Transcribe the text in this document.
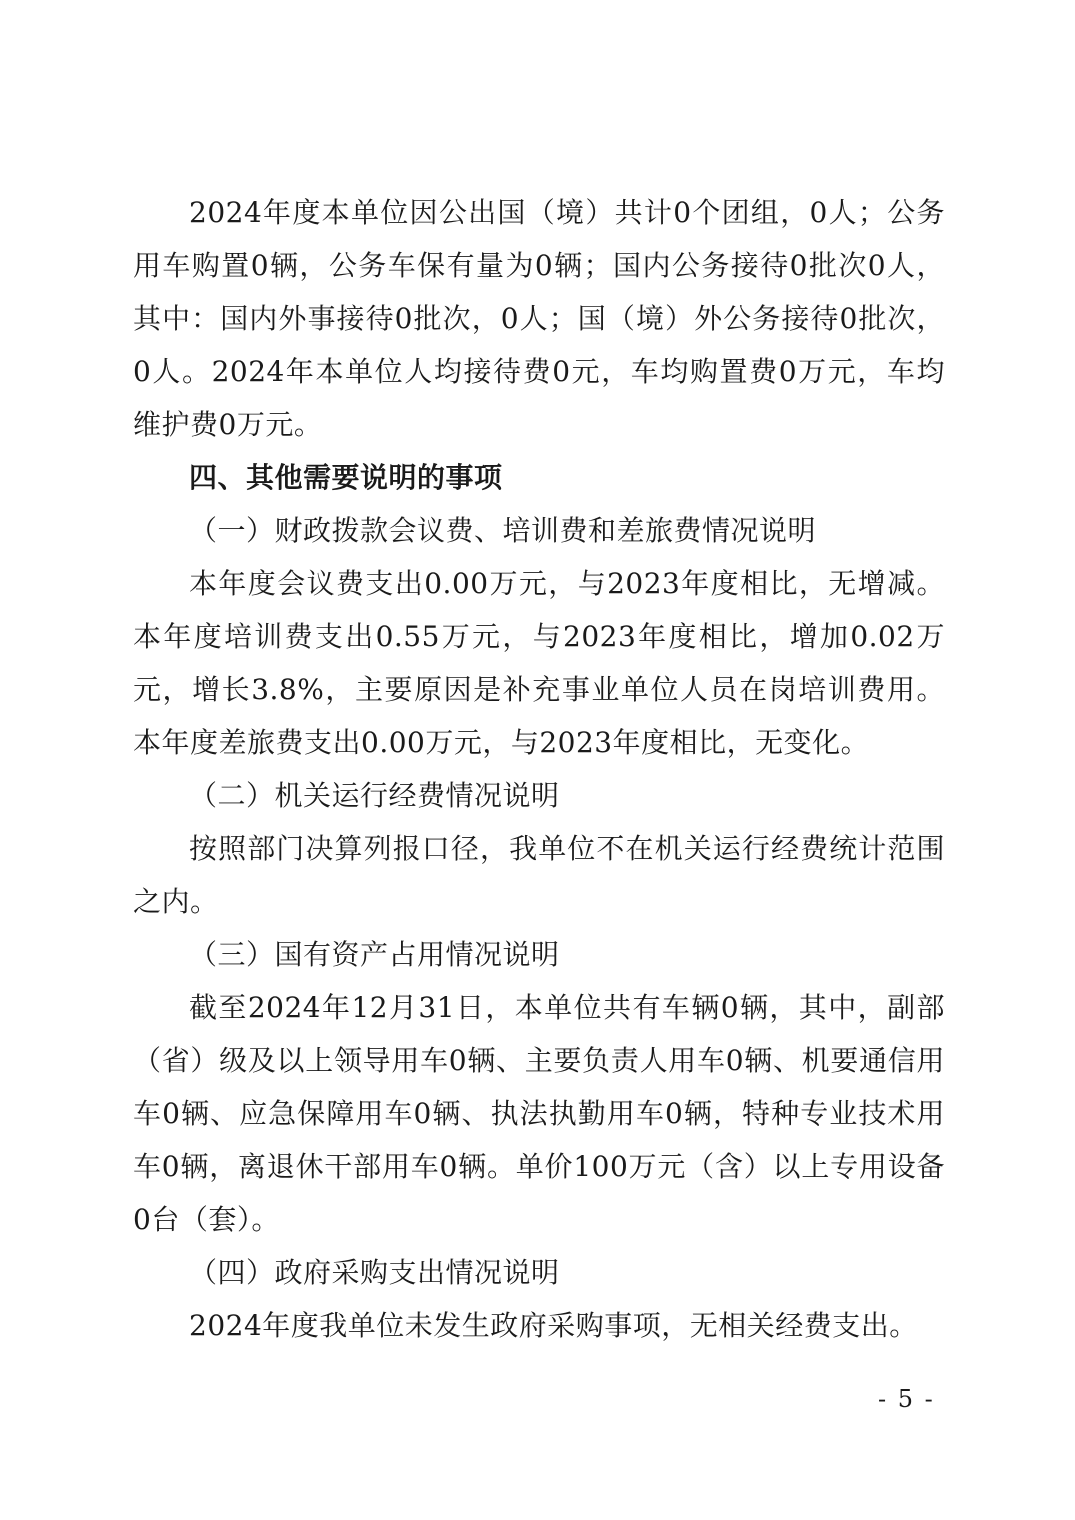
2024年度本单位因公出国（境）共计0个团组，0人；公务用车购置0辆，公务车保有量为0辆；国内公务接待0批次0人，其中：国内外事接待0批次，0人；国（境）外公务接待0批次，0人。2024年本单位人均接待费0元，车均购置费0万元，车均维护费0万元。

四、其他需要说明的事项

（一）财政拨款会议费、培训费和差旅费情况说明

本年度会议费支出0.00万元，与2023年度相比，无增减。本年度培训费支出0.55万元，与2023年度相比，增加0.02万元，增长3.8%，主要原因是补充事业单位人员在岗培训费用。本年度差旅费支出0.00万元，与2023年度相比，无变化。

（二）机关运行经费情况说明

按照部门决算列报口径，我单位不在机关运行经费统计范围之内。

（三）国有资产占用情况说明

截至2024年12月31日，本单位共有车辆0辆，其中，副部（省）级及以上领导用车0辆、主要负责人用车0辆、机要通信用车0辆、应急保障用车0辆、执法执勤用车0辆，特种专业技术用车0辆，离退休干部用车0辆。单价100万元（含）以上专用设备0台（套）。

（四）政府采购支出情况说明

2024年度我单位未发生政府采购事项，无相关经费支出。

- 5 -
